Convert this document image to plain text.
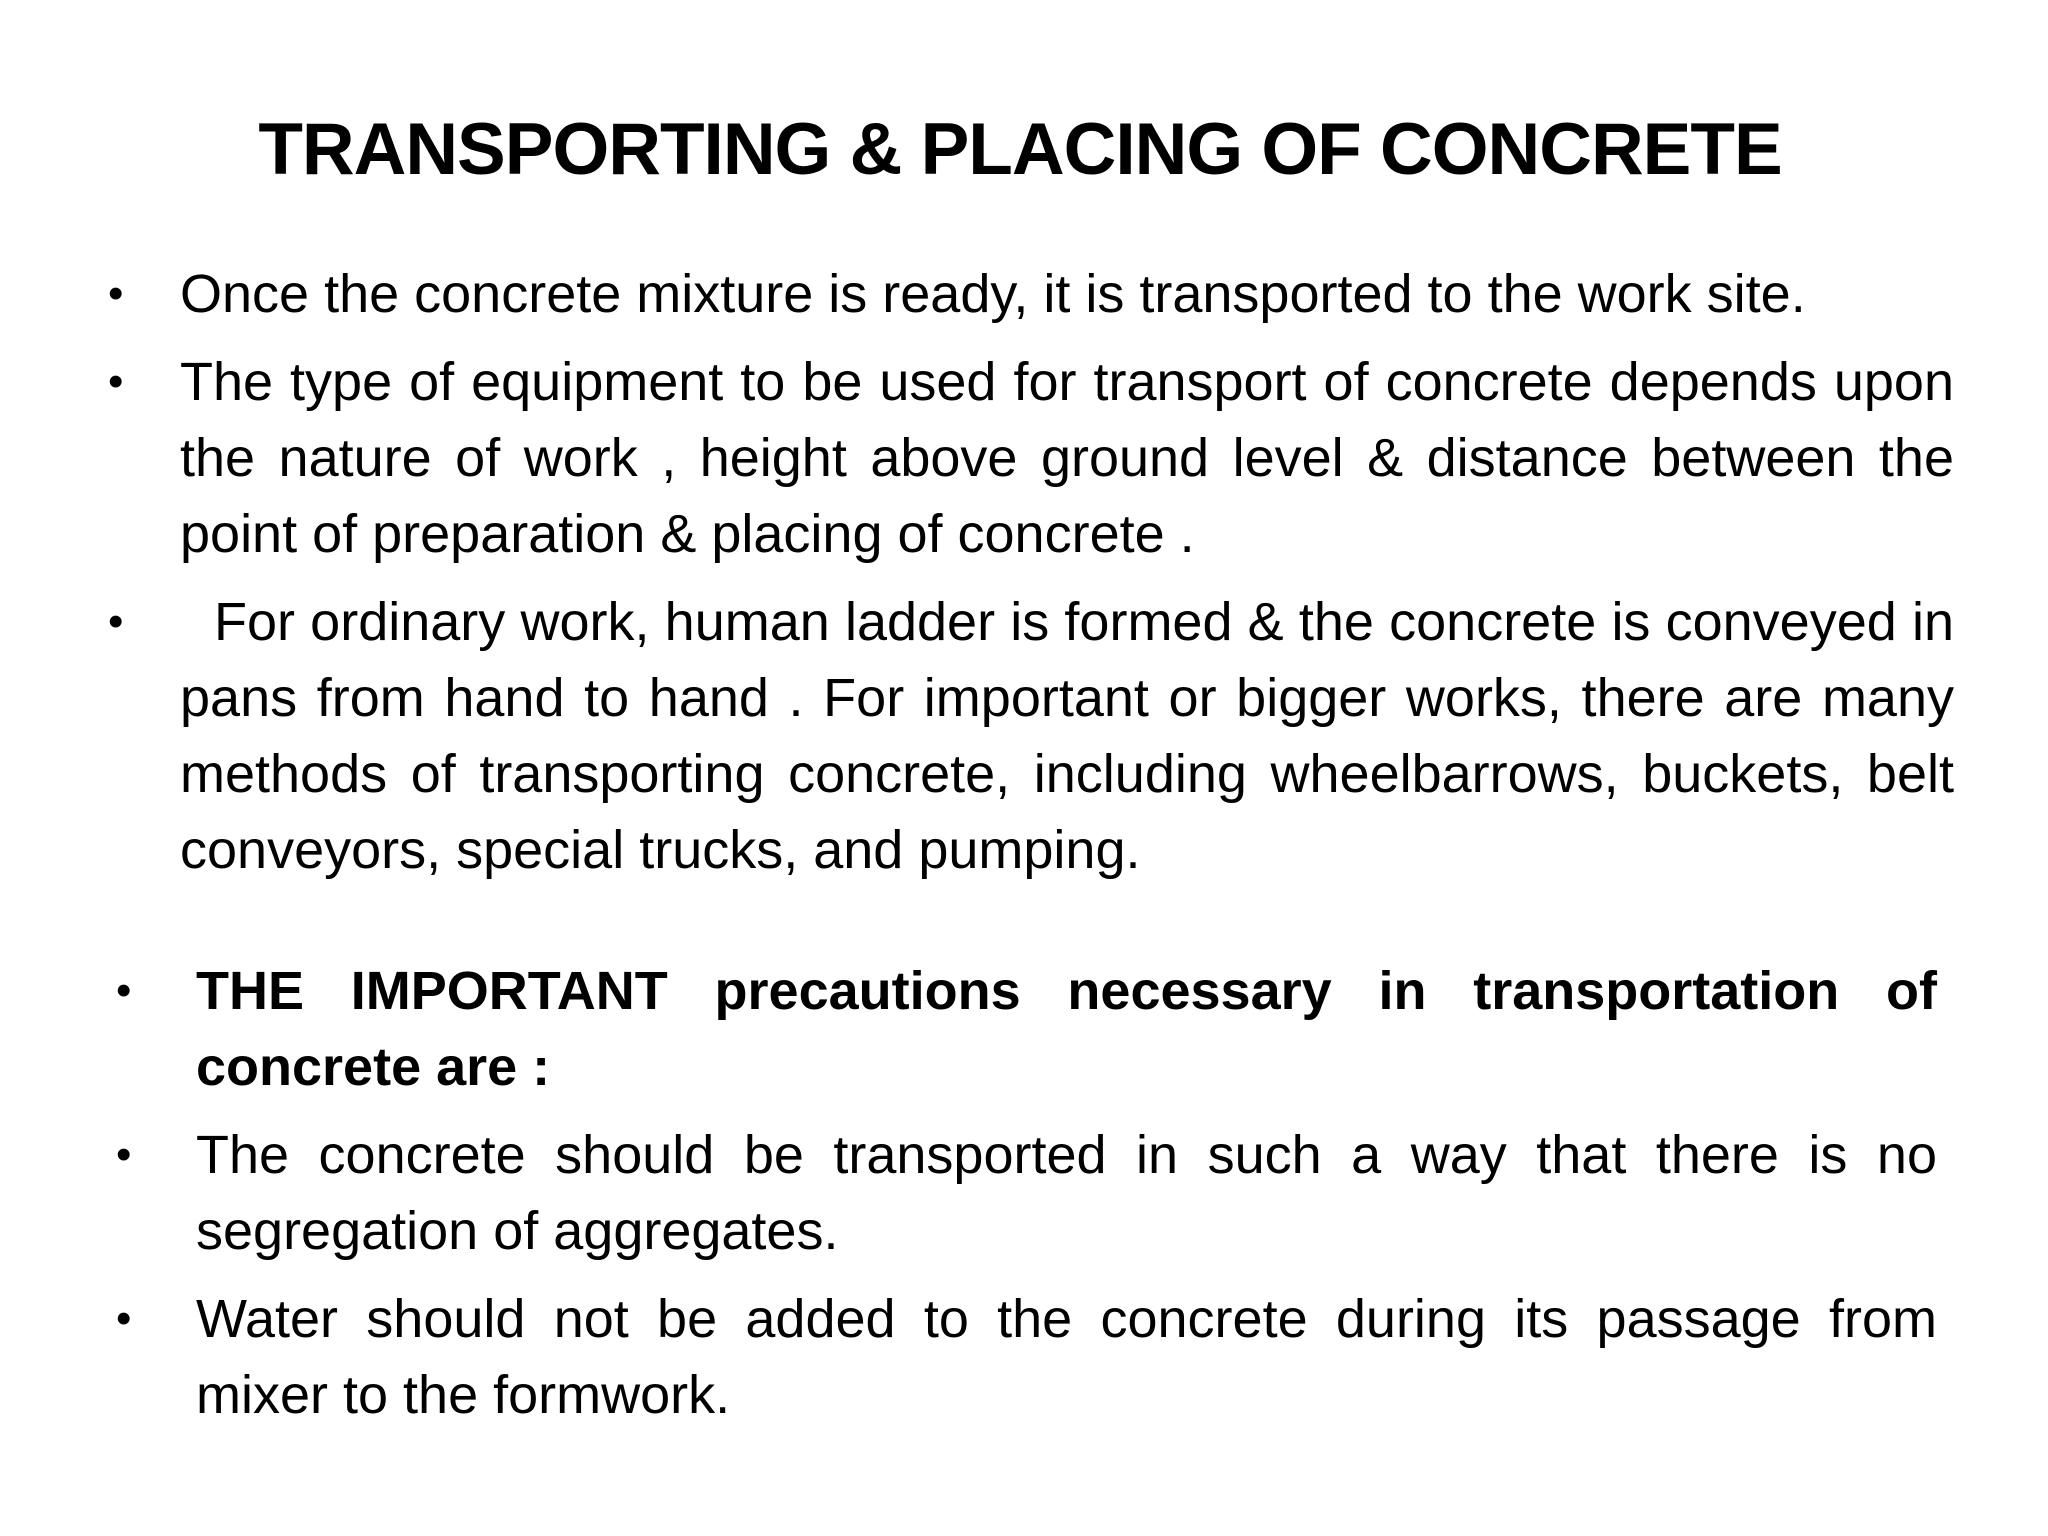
TRANSPORTING & PLACING OF CONCRETE
• Once the concrete mixture is ready, it is transported to the work site.
• The type of equipment to be used for transport of concrete depends upon the nature of work , height above ground level & distance between the point of preparation & placing of concrete .
• For ordinary work, human ladder is formed & the concrete is conveyed in pans from hand to hand . For important or bigger works, there are many methods of transporting concrete, including wheelbarrows, buckets, belt conveyors, special trucks, and pumping.
• THE IMPORTANT precautions necessary in transportation of concrete are :
• The concrete should be transported in such a way that there is no segregation of aggregates.
• Water should not be added to the concrete during its passage from mixer to the formwork.
